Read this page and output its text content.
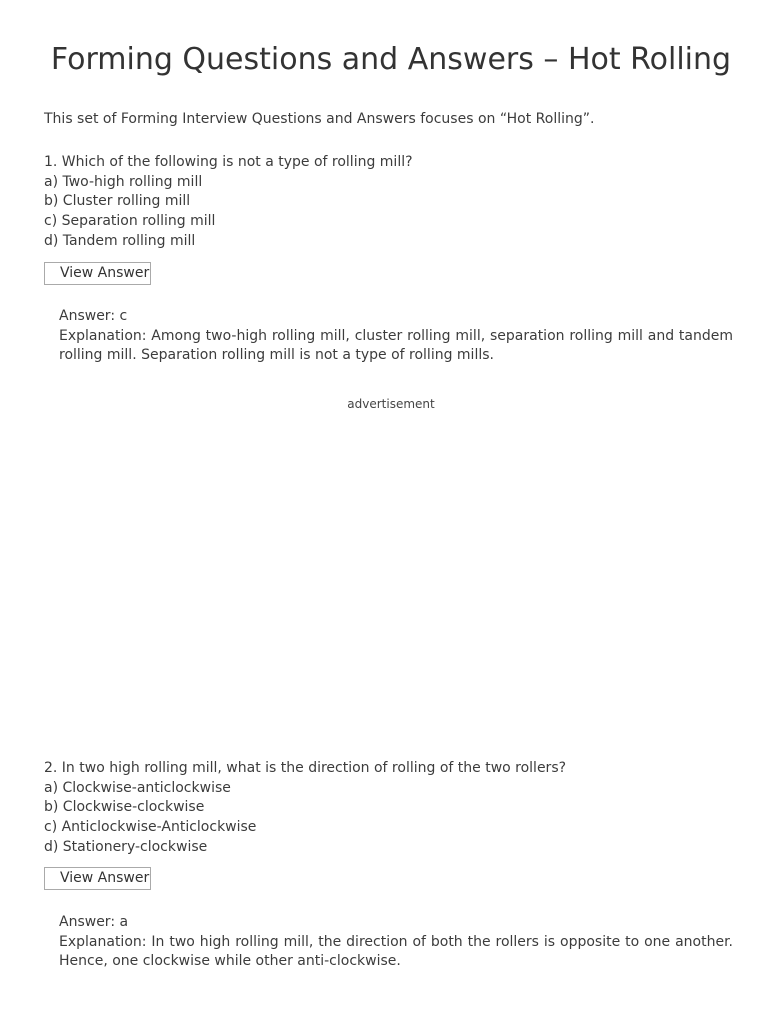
Forming Questions and Answers – Hot Rolling
This set of Forming Interview Questions and Answers focuses on “Hot Rolling”.
1. Which of the following is not a type of rolling mill?
a) Two-high rolling mill
b) Cluster rolling mill
c) Separation rolling mill
d) Tandem rolling mill
View Answer
Answer: c
Explanation: Among two-high rolling mill, cluster rolling mill, separation rolling mill and tandem rolling mill. Separation rolling mill is not a type of rolling mills.
advertisement
2. In two high rolling mill, what is the direction of rolling of the two rollers?
a) Clockwise-anticlockwise
b) Clockwise-clockwise
c) Anticlockwise-Anticlockwise
d) Stationery-clockwise
View Answer
Answer: a
Explanation: In two high rolling mill, the direction of both the rollers is opposite to one another. Hence, one clockwise while other anti-clockwise.
